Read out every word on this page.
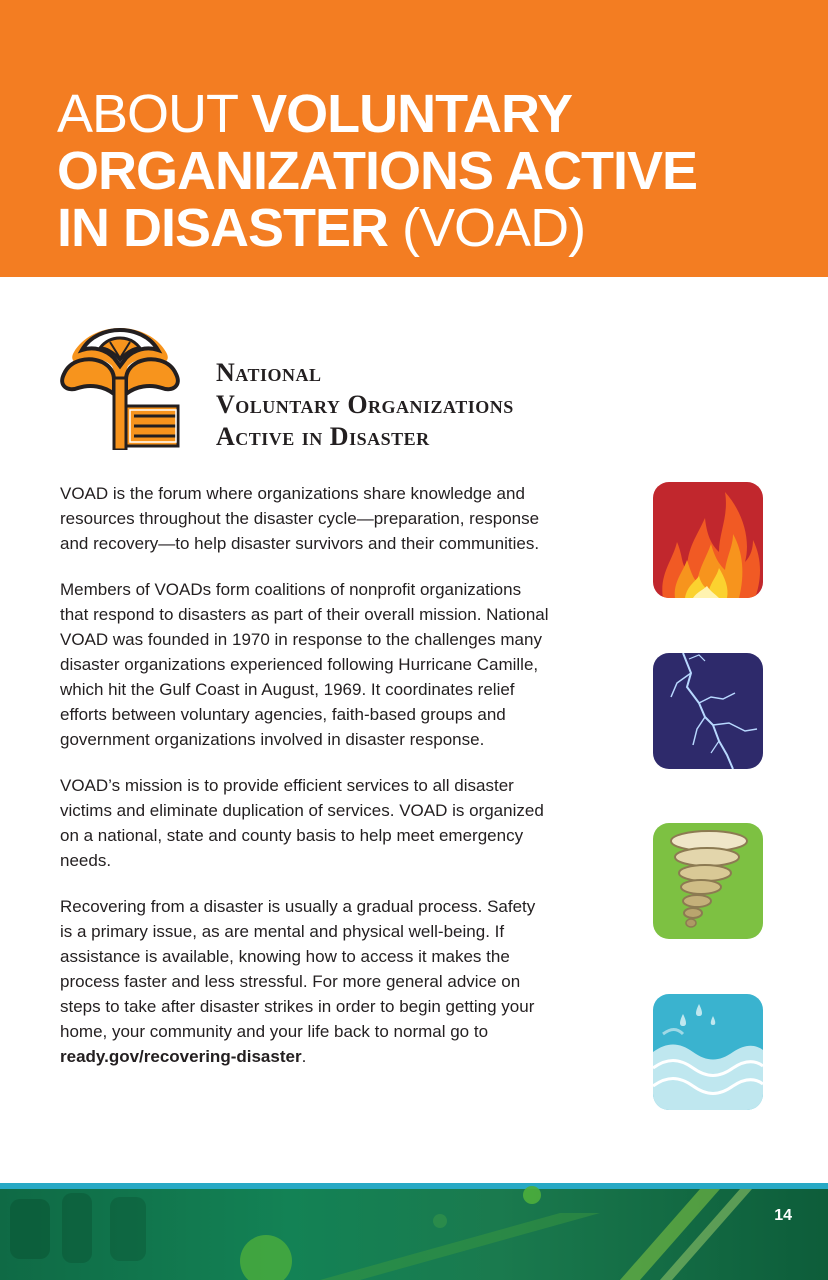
ABOUT VOLUNTARY
ORGANIZATIONS ACTIVE
IN DISASTER (VOAD)
National
Voluntary Organizations
Active in Disaster

VOAD is the forum where organizations share knowledge and resources throughout the disaster cycle—preparation, response and recovery—to help disaster survivors and their communities.

Members of VOADs form coalitions of nonprofit organizations that respond to disasters as part of their overall mission. National VOAD was founded in 1970 in response to the challenges many disaster organizations experienced following Hurricane Camille, which hit the Gulf Coast in August, 1969. It coordinates relief efforts between voluntary agencies, faith-based groups and government organizations involved in disaster response.

VOAD’s mission is to provide efficient services to all disaster victims and eliminate duplication of services. VOAD is organized on a national, state and county basis to help meet emergency needs.

Recovering from a disaster is usually a gradual process. Safety is a primary issue, as are mental and physical well-being. If assistance is available, knowing how to access it makes the process faster and less stressful. For more general advice on steps to take after disaster strikes in order to begin getting your home, your community and your life back to normal go to ready.gov/recovering-disaster.

14
